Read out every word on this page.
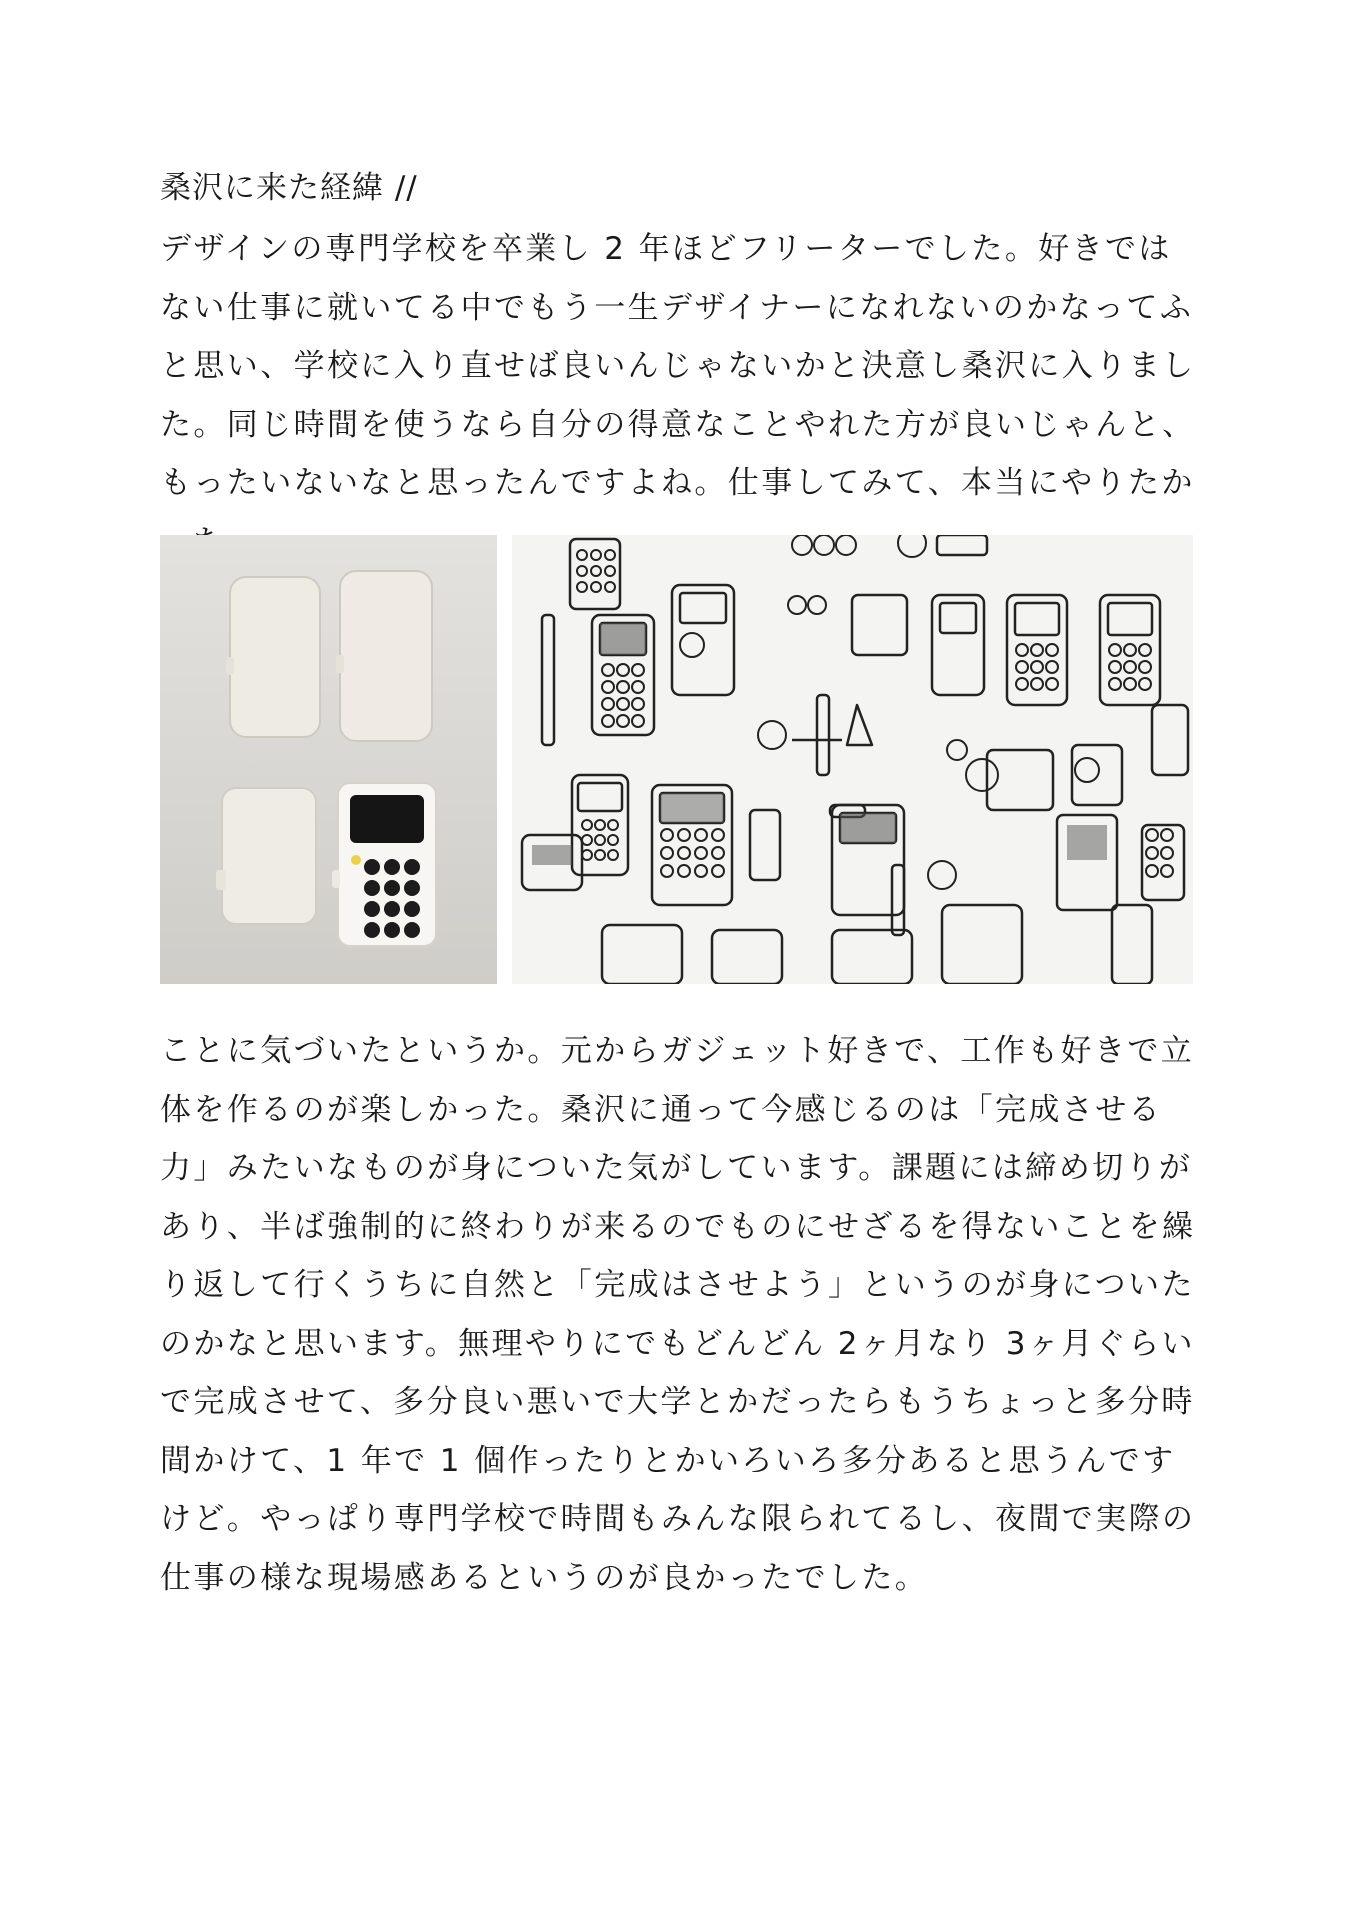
桑沢に来た経緯 //

デザインの専門学校を卒業し 2 年ほどフリーターでした。好きではない仕事に就いてる中でもう一生デザイナーになれないのかなってふと思い、学校に入り直せば良いんじゃないかと決意し桑沢に入りました。同じ時間を使うなら自分の得意なことやれた方が良いじゃんと、もったいないなと思ったんですよね。仕事してみて、本当にやりたか

ことに気づいたというか。元からガジェット好きで、工作も好きで立体を作るのが楽しかった。桑沢に通って今感じるのは「完成させる力」みたいなものが身についた気がしています。課題には締め切りがあり、半ば強制的に終わりが来るのでものにせざるを得ないことを繰り返して行くうちに自然と「完成はさせよう」というのが身についたのかなと思います。無理やりにでもどんどん 2ヶ月なり 3ヶ月ぐらいで完成させて、多分良い悪いで大学とかだったらもうちょっと多分時間かけて、1 年で 1 個作ったりとかいろいろ多分あると思うんですけど。やっぱり専門学校で時間もみんな限られてるし、夜間で実際の仕事の様な現場感あるというのが良かったでした。
